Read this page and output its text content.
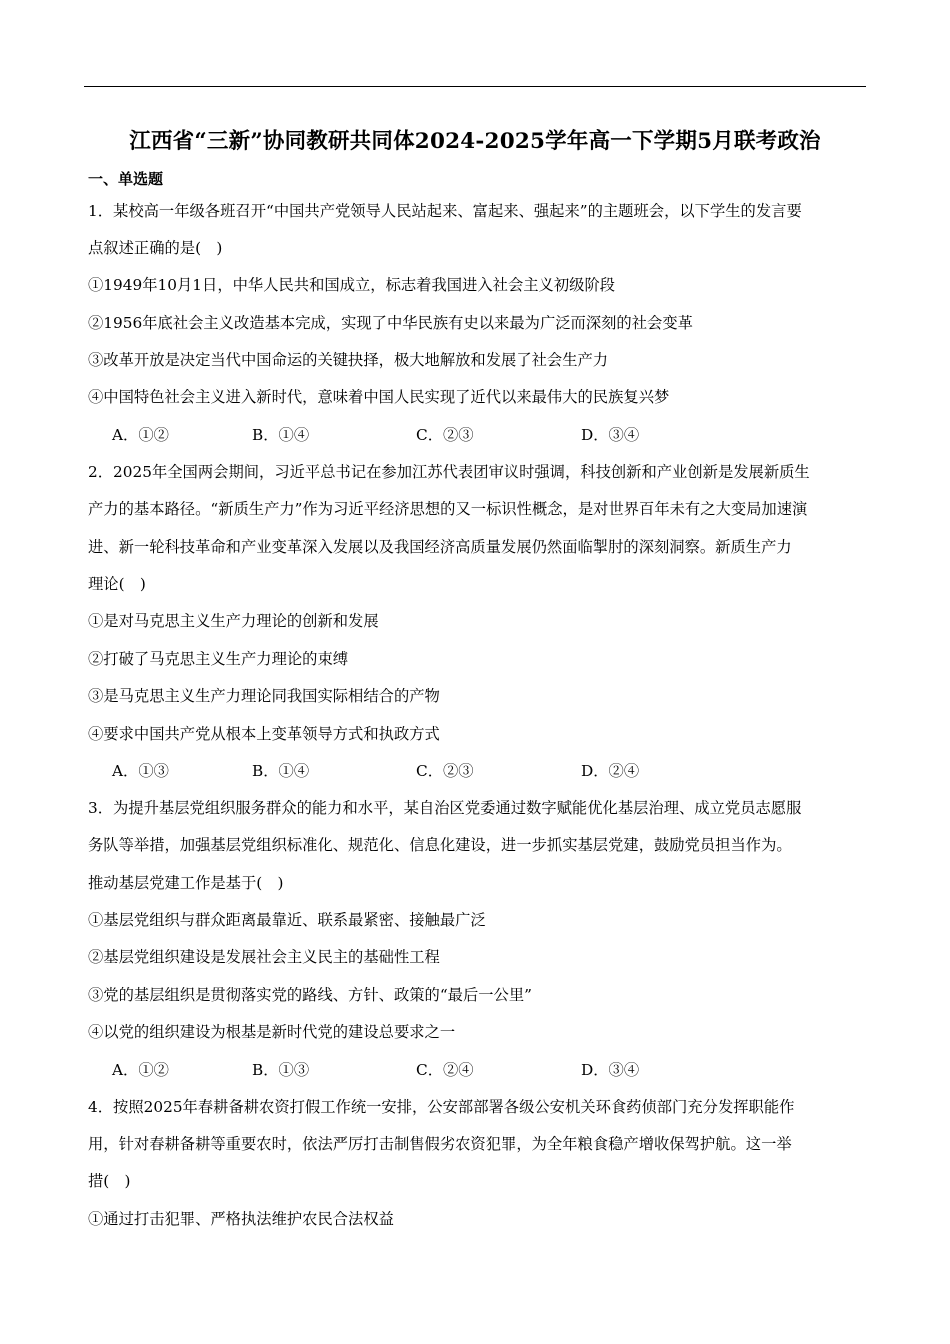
江西省“三新”协同教研共同体2024-2025学年高一下学期5月联考政治
一、单选题
1．某校高一年级各班召开“中国共产党领导人民站起来、富起来、强起来”的主题班会，以下学生的发言要
点叙述正确的是(　)
①1949年10月1日，中华人民共和国成立，标志着我国进入社会主义初级阶段
②1956年底社会主义改造基本完成，实现了中华民族有史以来最为广泛而深刻的社会变革
③改革开放是决定当代中国命运的关键抉择，极大地解放和发展了社会生产力
④中国特色社会主义进入新时代，意味着中国人民实现了近代以来最伟大的民族复兴梦
A．①②	B．①④	C．②③	D．③④
2．2025年全国两会期间，习近平总书记在参加江苏代表团审议时强调，科技创新和产业创新是发展新质生
产力的基本路径。“新质生产力”作为习近平经济思想的又一标识性概念，是对世界百年未有之大变局加速演
进、新一轮科技革命和产业变革深入发展以及我国经济高质量发展仍然面临掣肘的深刻洞察。新质生产力
理论(　)
①是对马克思主义生产力理论的创新和发展
②打破了马克思主义生产力理论的束缚
③是马克思主义生产力理论同我国实际相结合的产物
④要求中国共产党从根本上变革领导方式和执政方式
A．①③	B．①④	C．②③	D．②④
3．为提升基层党组织服务群众的能力和水平，某自治区党委通过数字赋能优化基层治理、成立党员志愿服
务队等举措，加强基层党组织标准化、规范化、信息化建设，进一步抓实基层党建，鼓励党员担当作为。
推动基层党建工作是基于(　)
①基层党组织与群众距离最靠近、联系最紧密、接触最广泛
②基层党组织建设是发展社会主义民主的基础性工程
③党的基层组织是贯彻落实党的路线、方针、政策的“最后一公里”
④以党的组织建设为根基是新时代党的建设总要求之一
A．①②	B．①③	C．②④	D．③④
4．按照2025年春耕备耕农资打假工作统一安排，公安部部署各级公安机关环食药侦部门充分发挥职能作
用，针对春耕备耕等重要农时，依法严厉打击制售假劣农资犯罪，为全年粮食稳产增收保驾护航。这一举
措(　)
①通过打击犯罪、严格执法维护农民合法权益
